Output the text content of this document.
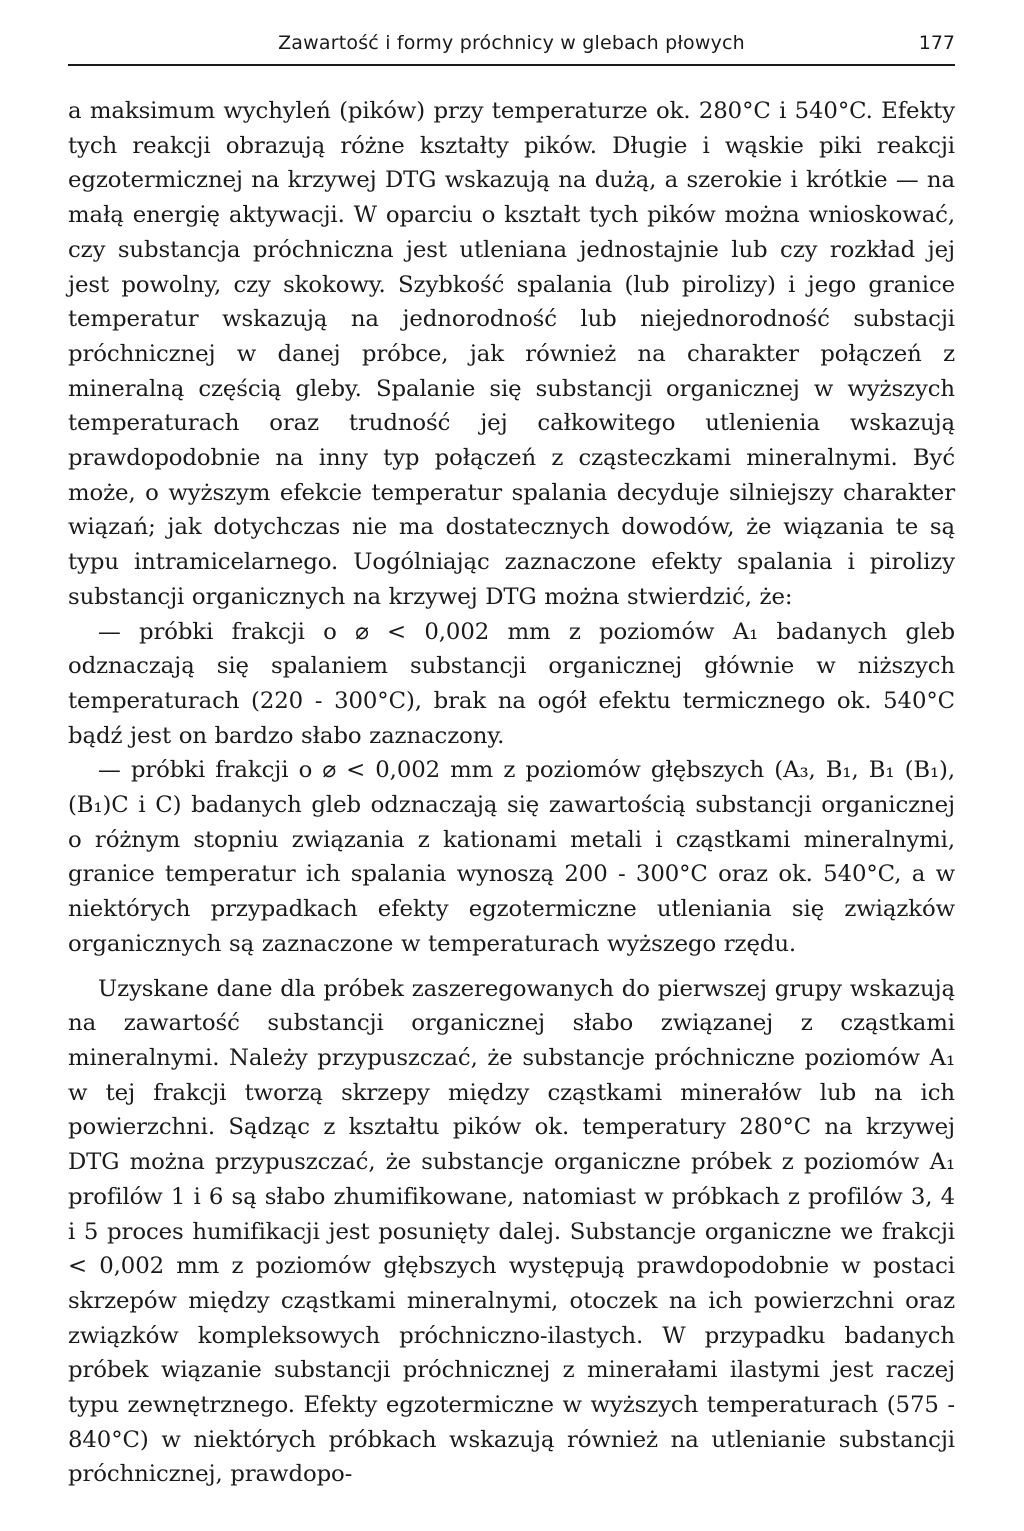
Zawartość i formy próchnicy w glebach płowych	177

a maksimum wychyleń (pików) przy temperaturze ok. 280°C i 540°C. Efekty tych reakcji obrazują różne kształty pików. Długie i wąskie piki reakcji egzotermicznej na krzywej DTG wskazują na dużą, a szerokie i krótkie — na małą energię aktywacji. W oparciu o kształt tych pików można wnioskować, czy substancja próchniczna jest utleniana jednostajnie lub czy rozkład jej jest powolny, czy skokowy. Szybkość spalania (lub pirolizy) i jego granice temperatur wskazują na jednorodność lub niejednorodność substacji próchnicznej w danej próbce, jak również na charakter połączeń z mineralną częścią gleby. Spalanie się substancji organicznej w wyższych temperaturach oraz trudność jej całkowitego utlenienia wskazują prawdopodobnie na inny typ połączeń z cząsteczkami mineralnymi. Być może, o wyższym efekcie temperatur spalania decyduje silniejszy charakter wiązań; jak dotychczas nie ma dostatecznych dowodów, że wiązania te są typu intramicelarnego. Uogólniając zaznaczone efekty spalania i pirolizy substancji organicznych na krzywej DTG można stwierdzić, że:

— próbki frakcji o ⌀ < 0,002 mm z poziomów A₁ badanych gleb odznaczają się spalaniem substancji organicznej głównie w niższych temperaturach (220 - 300°C), brak na ogół efektu termicznego ok. 540°C bądź jest on bardzo słabo zaznaczony.

— próbki frakcji o ⌀ < 0,002 mm z poziomów głębszych (A₃, B₁, B₁ (B₁), (B₁)C i C) badanych gleb odznaczają się zawartością substancji organicznej o różnym stopniu związania z kationami metali i cząstkami mineralnymi, granice temperatur ich spalania wynoszą 200 - 300°C oraz ok. 540°C, a w niektórych przypadkach efekty egzotermiczne utleniania się związków organicznych są zaznaczone w temperaturach wyższego rzędu.

Uzyskane dane dla próbek zaszeregowanych do pierwszej grupy wskazują na zawartość substancji organicznej słabo związanej z cząstkami mineralnymi. Należy przypuszczać, że substancje próchniczne poziomów A₁ w tej frakcji tworzą skrzepy między cząstkami minerałów lub na ich powierzchni. Sądząc z kształtu pików ok. temperatury 280°C na krzywej DTG można przypuszczać, że substancje organiczne próbek z poziomów A₁ profilów 1 i 6 są słabo zhumifikowane, natomiast w próbkach z profilów 3, 4 i 5 proces humifikacji jest posunięty dalej. Substancje organiczne we frakcji < 0,002 mm z poziomów głębszych występują prawdopodobnie w postaci skrzepów między cząstkami mineralnymi, otoczek na ich powierzchni oraz związków kompleksowych próchniczno-ilastych. W przypadku badanych próbek wiązanie substancji próchnicznej z minerałami ilastymi jest raczej typu zewnętrznego. Efekty egzotermiczne w wyższych temperaturach (575 - 840°C) w niektórych próbkach wskazują również na utlenianie substancji próchnicznej, prawdopo-
